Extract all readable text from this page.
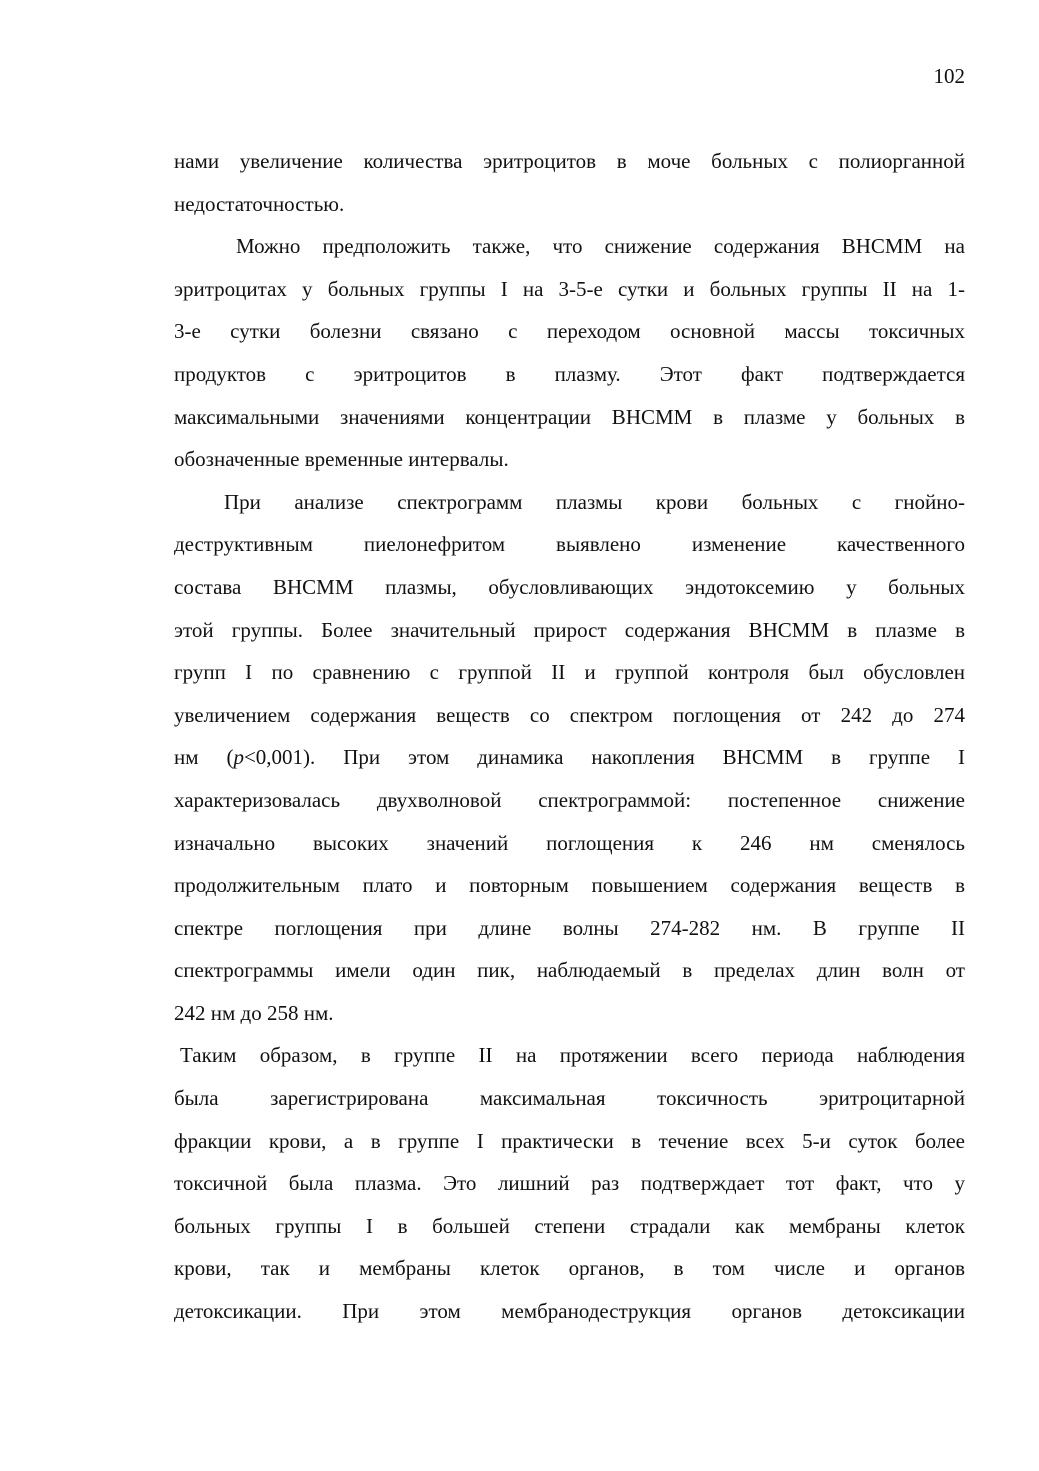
102

нами увеличение количества эритроцитов в моче больных с полиорганной
недостаточностью.

Можно предположить также, что снижение содержания ВНСММ на
эритроцитах у больных группы I на 3-5-е сутки и больных группы II на 1-
3-е сутки болезни связано с переходом основной массы токсичных
продуктов с эритроцитов в плазму. Этот факт подтверждается
максимальными значениями концентрации ВНСММ в плазме у больных в
обозначенные временные интервалы.

При анализе спектрограмм плазмы крови больных с гнойно-
деструктивным пиелонефритом выявлено изменение качественного
состава ВНСММ плазмы, обусловливающих эндотоксемию у больных
этой группы. Более значительный прирост содержания ВНСММ в плазме в
групп I по сравнению с группой II и группой контроля был обусловлен
увеличением содержания веществ со спектром поглощения от 242 до 274
нм (p<0,001). При этом динамика накопления ВНСММ в группе I
характеризовалась двухволновой спектрограммой: постепенное снижение
изначально высоких значений поглощения к 246 нм сменялось
продолжительным плато и повторным повышением содержания веществ в
спектре поглощения при длине волны 274-282 нм. В группе II
спектрограммы имели один пик, наблюдаемый в пределах длин волн от
242 нм до 258 нм.

Таким образом, в группе II на протяжении всего периода наблюдения
была зарегистрирована максимальная токсичность эритроцитарной
фракции крови, а в группе I практически в течение всех 5-и суток более
токсичной была плазма. Это лишний раз подтверждает тот факт, что у
больных группы I в большей степени страдали как мембраны клеток
крови, так и мембраны клеток органов, в том числе и органов
детоксикации. При этом мембранодеструкция органов детоксикации
